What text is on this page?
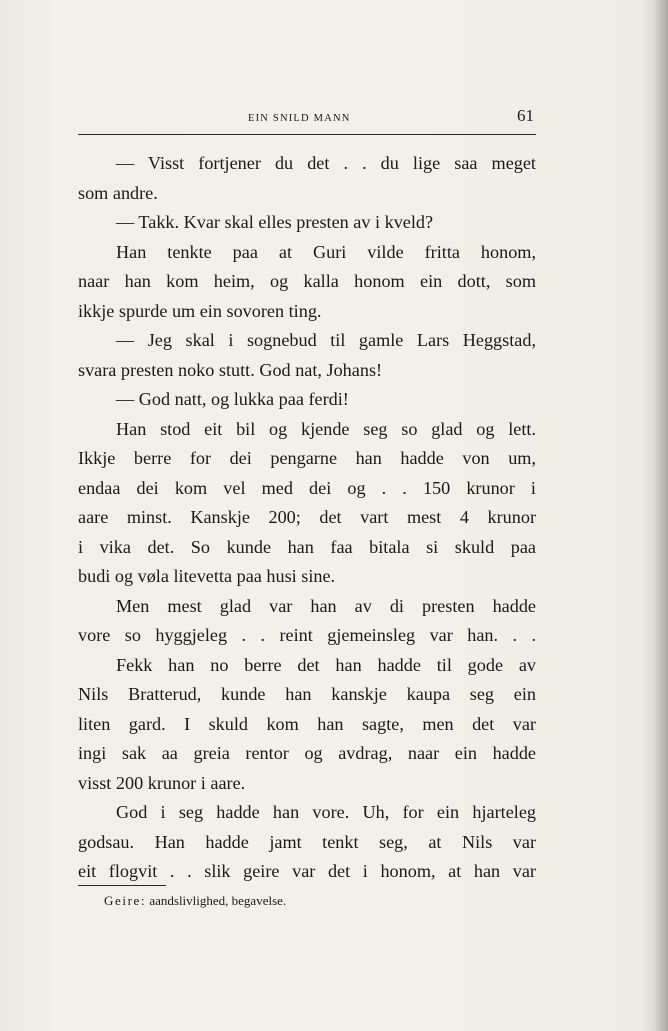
EIN SNILD MANN	61
— Visst fortjener du det . . du lige saa meget
som andre.
— Takk. Kvar skal elles presten av i kveld?
Han tenkte paa at Guri vilde fritta honom,
naar han kom heim, og kalla honom ein dott, som
ikkje spurde um ein sovoren ting.
— Jeg skal i sognebud til gamle Lars Heggstad,
svara presten noko stutt. God nat, Johans!
— God natt, og lukka paa ferdi!
Han stod eit bil og kjende seg so glad og lett.
Ikkje berre for dei pengarne han hadde von um,
endaa dei kom vel med dei og . . 150 krunor i
aare minst. Kanskje 200; det vart mest 4 krunor
i vika det. So kunde han faa bitala si skuld paa
budi og vøla litevetta paa husi sine.
Men mest glad var han av di presten hadde
vore so hyggjeleg . . reint gjemeinsleg var han. . .
Fekk han no berre det han hadde til gode av
Nils Bratterud, kunde han kanskje kaupa seg ein
liten gard. I skuld kom han sagte, men det var
ingi sak aa greia rentor og avdrag, naar ein hadde
visst 200 krunor i aare.
God i seg hadde han vore. Uh, for ein hjarteleg
godsau. Han hadde jamt tenkt seg, at Nils var
eit flogvit . . slik geire var det i honom, at han var
Geire: aandslivlighed, begavelse.
